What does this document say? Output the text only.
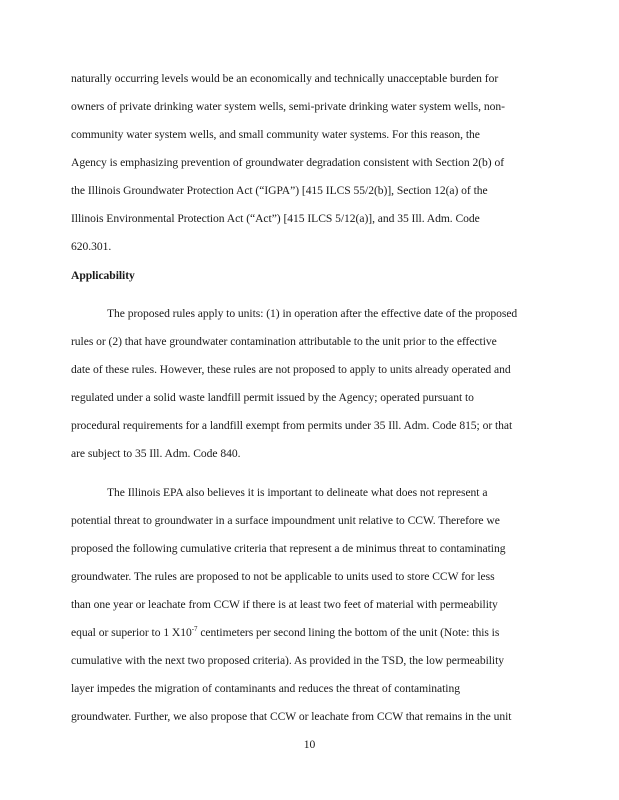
naturally occurring levels would be an economically and technically unacceptable burden for
owners of private drinking water system wells, semi-private drinking water system wells, non-
community water system wells, and small community water systems. For this reason, the
Agency is emphasizing prevention of groundwater degradation consistent with Section 2(b) of
the Illinois Groundwater Protection Act (“IGPA”) [415 ILCS 55/2(b)], Section 12(a) of the
Illinois Environmental Protection Act (“Act”) [415 ILCS 5/12(a)], and 35 Ill. Adm. Code
620.301.
Applicability
The proposed rules apply to units: (1) in operation after the effective date of the proposed
rules or (2) that have groundwater contamination attributable to the unit prior to the effective
date of these rules. However, these rules are not proposed to apply to units already operated and
regulated under a solid waste landfill permit issued by the Agency; operated pursuant to
procedural requirements for a landfill exempt from permits under 35 Ill. Adm. Code 815; or that
are subject to 35 Ill. Adm. Code 840.
The Illinois EPA also believes it is important to delineate what does not represent a
potential threat to groundwater in a surface impoundment unit relative to CCW. Therefore we
proposed the following cumulative criteria that represent a de minimus threat to contaminating
groundwater. The rules are proposed to not be applicable to units used to store CCW for less
than one year or leachate from CCW if there is at least two feet of material with permeability
equal or superior to 1 $X10^{-7}$ centimeters per second lining the bottom of the unit (Note: this is
cumulative with the next two proposed criteria). As provided in the TSD, the low permeability
layer impedes the migration of contaminants and reduces the threat of contaminating
groundwater. Further, we also propose that CCW or leachate from CCW that remains in the unit
10
